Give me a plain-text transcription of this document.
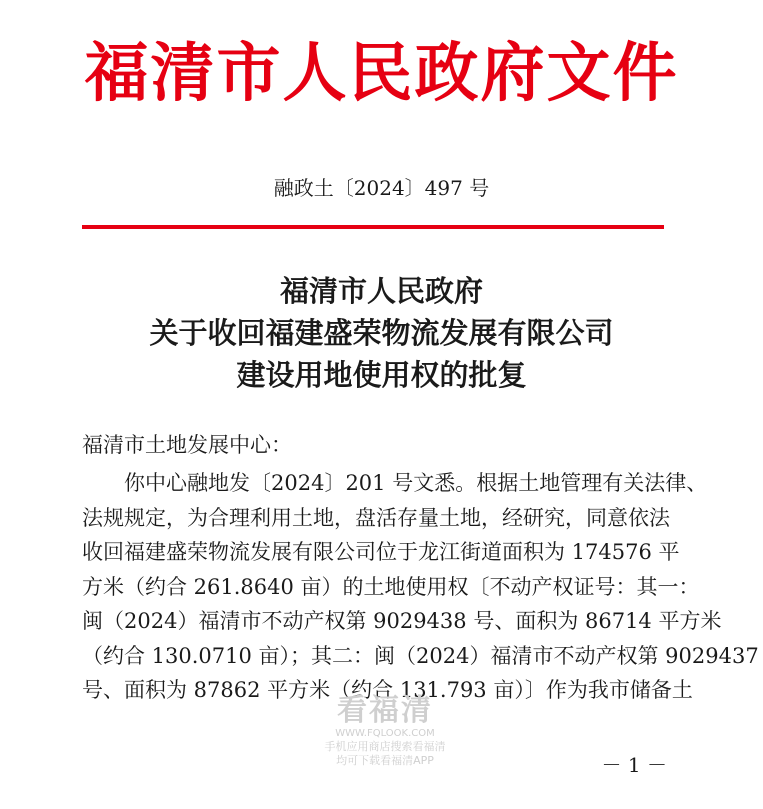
福清市人民政府文件
融政土〔2024〕497 号
福清市人民政府
关于收回福建盛荣物流发展有限公司
建设用地使用权的批复
福清市土地发展中心：
　　你中心融地发〔2024〕201 号文悉。根据土地管理有关法律、
法规规定，为合理利用土地，盘活存量土地，经研究，同意依法
收回福建盛荣物流发展有限公司位于龙江街道面积为 174576 平
方米（约合 261.8640 亩）的土地使用权〔不动产权证号：其一：
闽（2024）福清市不动产权第 9029438 号、面积为 86714 平方米
（约合 130.0710 亩）；其二：闽（2024）福清市不动产权第 9029437
号、面积为 87862 平方米（约合 131.793 亩）〕作为我市储备土
看福清
WWW.FQLOOK.COM
手机应用商店搜索看福清
均可下载看福清APP	－ 1 －
